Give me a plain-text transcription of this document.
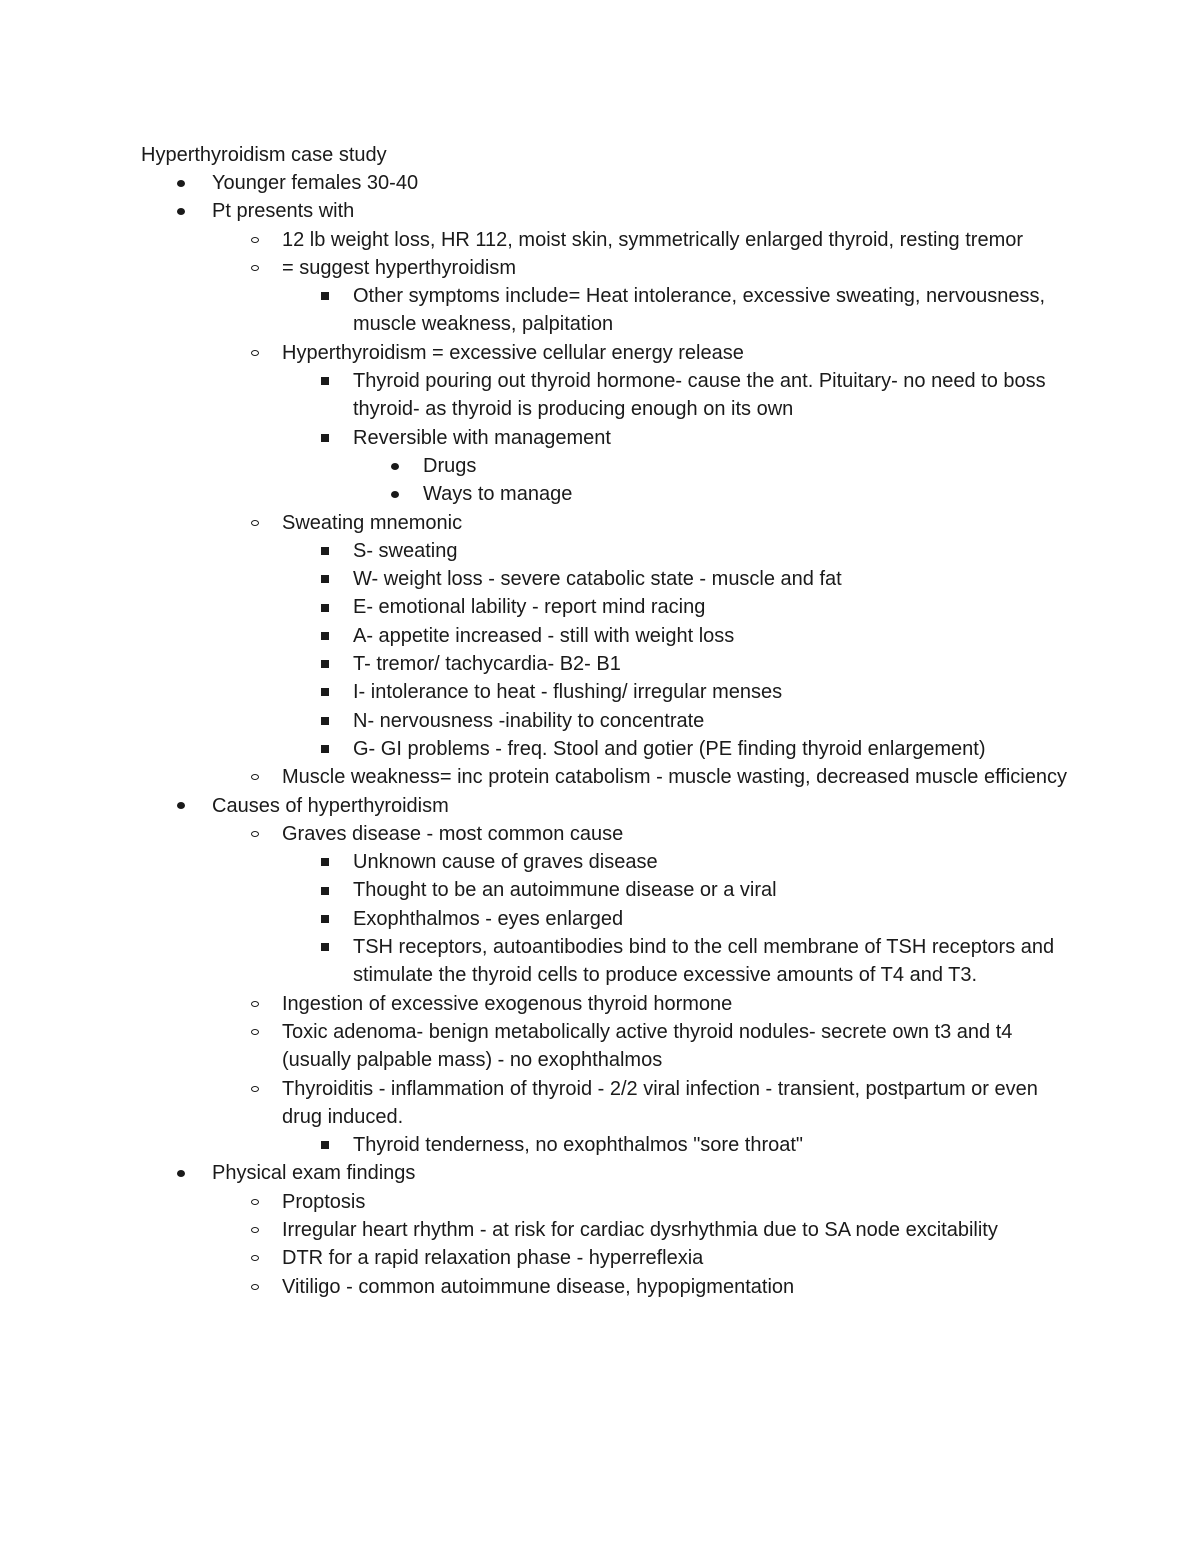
Hyperthyroidism case study
Younger females 30-40
Pt presents with
12 lb weight loss, HR 112, moist skin, symmetrically enlarged thyroid, resting tremor
= suggest hyperthyroidism
Other symptoms include= Heat intolerance, excessive sweating, nervousness, muscle weakness, palpitation
Hyperthyroidism = excessive cellular energy release
Thyroid pouring out thyroid hormone- cause the ant. Pituitary- no need to boss thyroid- as thyroid is producing enough on its own
Reversible with management
Drugs
Ways to manage
Sweating mnemonic
S- sweating
W- weight loss - severe catabolic state - muscle and fat
E- emotional lability - report mind racing
A- appetite increased - still with weight loss
T- tremor/ tachycardia- B2- B1
I- intolerance to heat - flushing/ irregular menses
N- nervousness -inability to concentrate
G- GI problems - freq. Stool and gotier (PE finding thyroid enlargement)
Muscle weakness= inc protein catabolism - muscle wasting, decreased muscle efficiency
Causes of hyperthyroidism
Graves disease - most common cause
Unknown cause of graves disease
Thought to be an autoimmune disease or a viral
Exophthalmos - eyes enlarged
TSH receptors, autoantibodies bind to the cell membrane of TSH receptors and stimulate the thyroid cells to produce excessive amounts of T4 and T3.
Ingestion of excessive exogenous thyroid hormone
Toxic adenoma- benign metabolically active thyroid nodules- secrete own t3 and t4 (usually palpable mass) - no exophthalmos
Thyroiditis - inflammation of thyroid - 2/2 viral infection - transient, postpartum or even drug induced.
Thyroid tenderness, no exophthalmos "sore throat"
Physical exam findings
Proptosis
Irregular heart rhythm - at risk for cardiac dysrhythmia due to SA node excitability
DTR for a rapid relaxation phase - hyperreflexia
Vitiligo - common autoimmune disease, hypopigmentation
